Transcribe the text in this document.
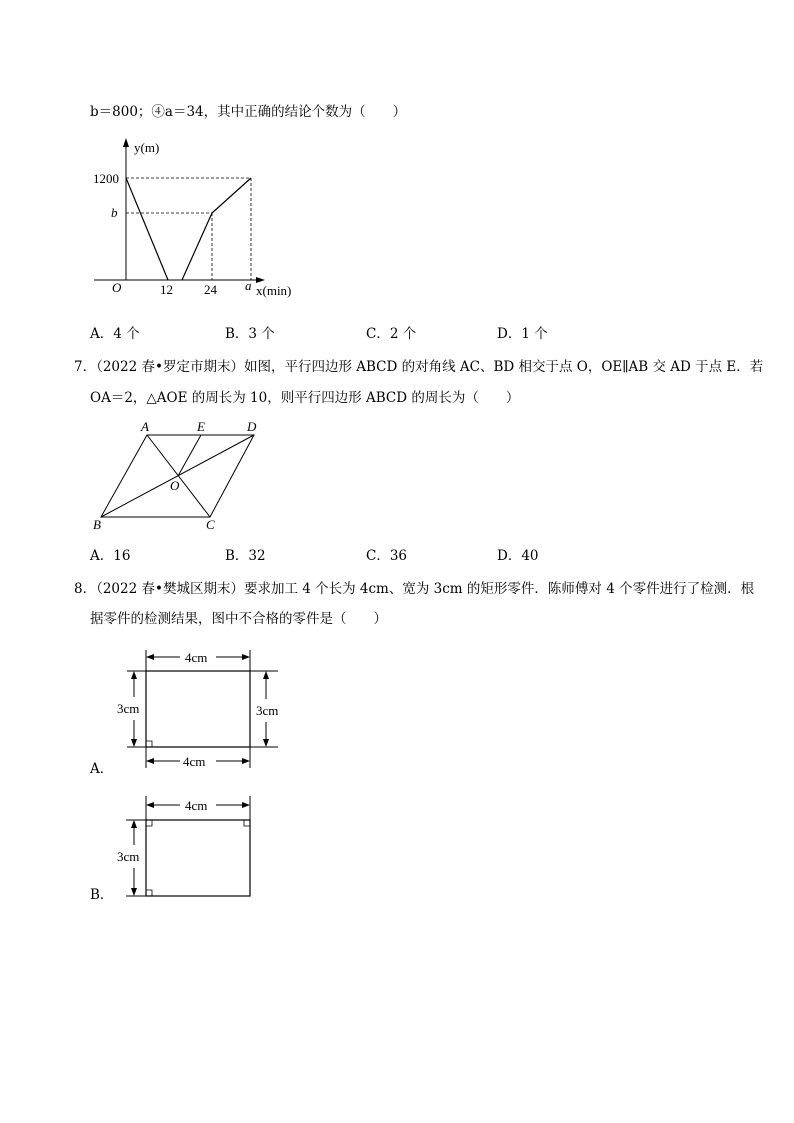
b＝800；④a＝34，其中正确的结论个数为（　　）
y(m)
x(min)
1200
b
O	12 24 a
A．4 个	B．3 个	C．2 个	D．1 个
7．（2022 春•罗定市期末）如图，平行四边形 ABCD 的对角线 AC、BD 相交于点 O，OE∥AB 交 AD 于点 E．若
OA＝2，△AOE 的周长为 10，则平行四边形 ABCD 的周长为（　　）
A	E	D
O
B	C
A．16	B．32	C．36	D．40
8．（2022 春•樊城区期末）要求加工 4 个长为 4cm、宽为 3cm 的矩形零件．陈师傅对 4 个零件进行了检测．根
据零件的检测结果，图中不合格的零件是（　　）
4cm
4cm
3cm	3cm
A．
4cm
3cm
B．
